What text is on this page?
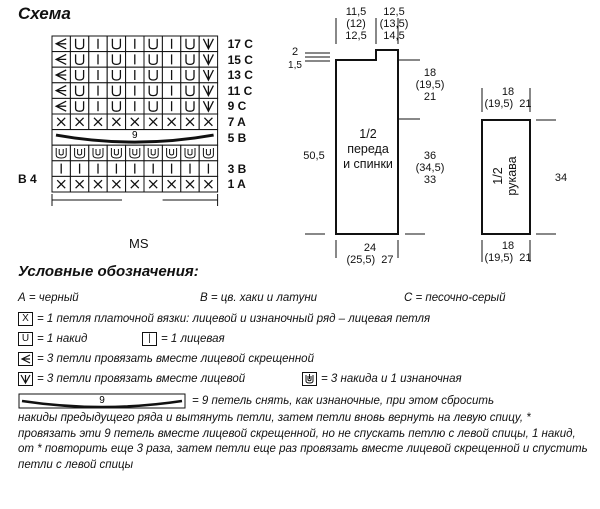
Схема
9
17 C
15 C
13 C
11 C
9 C
7 A
5 B
3 B
1 A
B 4
MS
11,5
(12)
12,5
12,5
(13,5)
14,5
2
1,5
18
(19,5)
21
50,5
1/2
переда
и спинки
36
(34,5)
33
24
(25,5)  27
18
(19,5)  21
1/2
рукава	34
18
(19,5)  21
Условные обозначения:
А = черный	В = цв. хаки и латуни	С = песочно-серый
X = 1 петля платочной вязки: лицевой и изнаночный ряд – лицевая петля
U = 1 накид	| = 1 лицевая
= 3 петли провязать вместе лицевой скрещенной
= 3 петли провязать вместе лицевой	= 3 накида и 1 изнаночная
9	= 9 петель снять, как изнаночные, при этом сбросить
накиды предыдущего ряда и вытянуть петли, затем петли вновь вернуть на левую спицу, * провязать эти 9 петель вместе лицевой скрещенной, но не спускать петлю с левой спицы, 1 накид, от * повторить еще 3 раза, затем петли еще раз провязать вместе лицевой скрещенной и спустить петли с левой спицы
